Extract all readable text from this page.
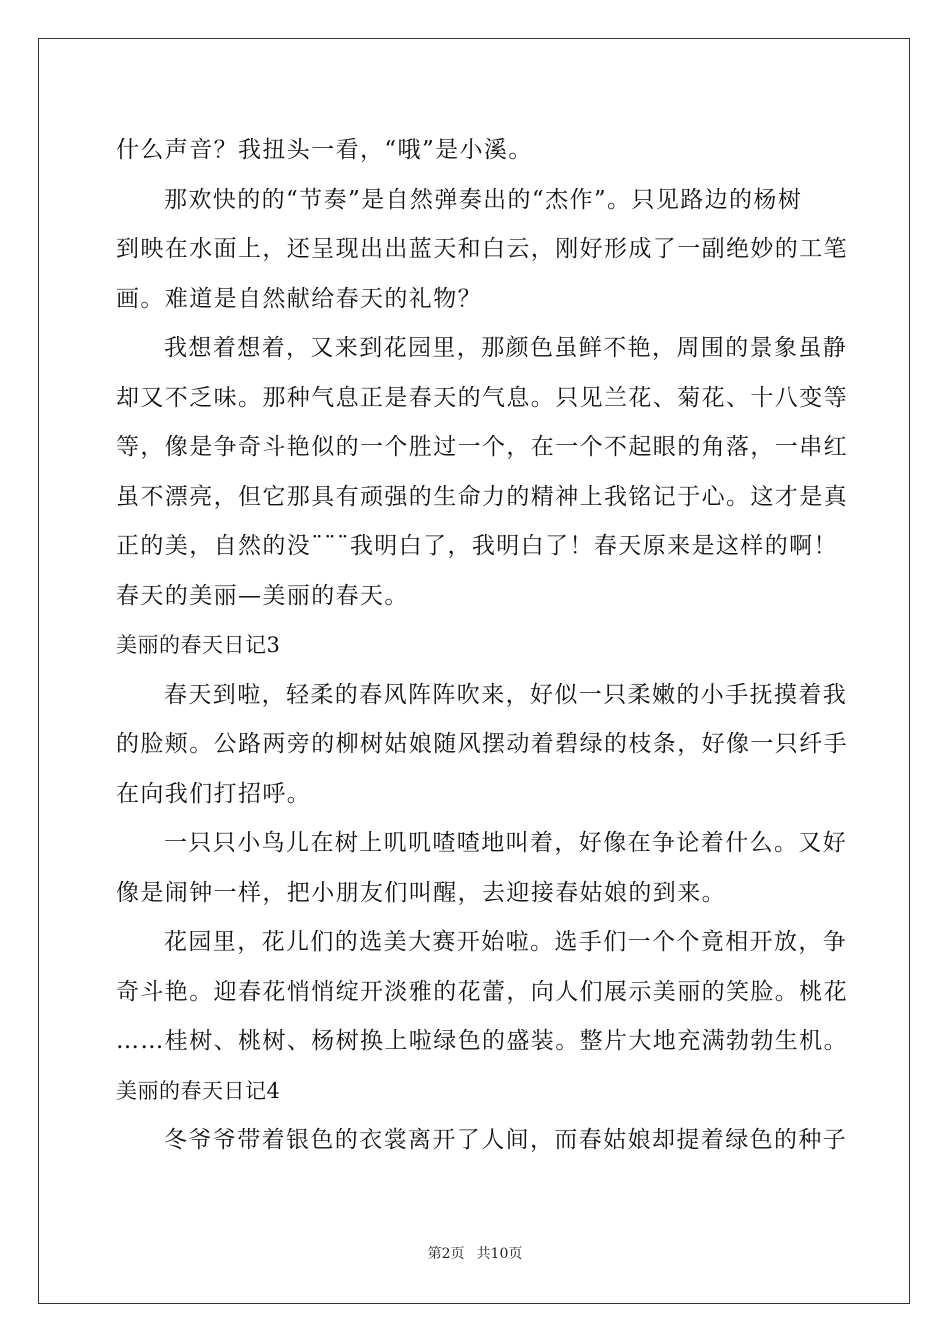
什么声音？我扭头一看，“哦”是小溪。
那欢快的的“节奏”是自然弹奏出的“杰作”。只见路边的杨树
到映在水面上，还呈现出出蓝天和白云，刚好形成了一副绝妙的工笔
画。难道是自然献给春天的礼物？
我想着想着，又来到花园里，那颜色虽鲜不艳，周围的景象虽静
却又不乏味。那种气息正是春天的气息。只见兰花、菊花、十八变等
等，像是争奇斗艳似的一个胜过一个，在一个不起眼的角落，一串红
虽不漂亮，但它那具有顽强的生命力的精神上我铭记于心。这才是真
正的美，自然的没¨¨¨我明白了，我明白了！春天原来是这样的啊！
春天的美丽—美丽的春天。
美丽的春天日记3
春天到啦，轻柔的春风阵阵吹来，好似一只柔嫩的小手抚摸着我
的脸颊。公路两旁的柳树姑娘随风摆动着碧绿的枝条，好像一只纤手
在向我们打招呼。
一只只小鸟儿在树上叽叽喳喳地叫着，好像在争论着什么。又好
像是闹钟一样，把小朋友们叫醒，去迎接春姑娘的到来。
花园里，花儿们的选美大赛开始啦。选手们一个个竟相开放，争
奇斗艳。迎春花悄悄绽开淡雅的花蕾，向人们展示美丽的笑脸。桃花
……桂树、桃树、杨树换上啦绿色的盛装。整片大地充满勃勃生机。
美丽的春天日记4
冬爷爷带着银色的衣裳离开了人间，而春姑娘却提着绿色的种子
第2页 共10页
